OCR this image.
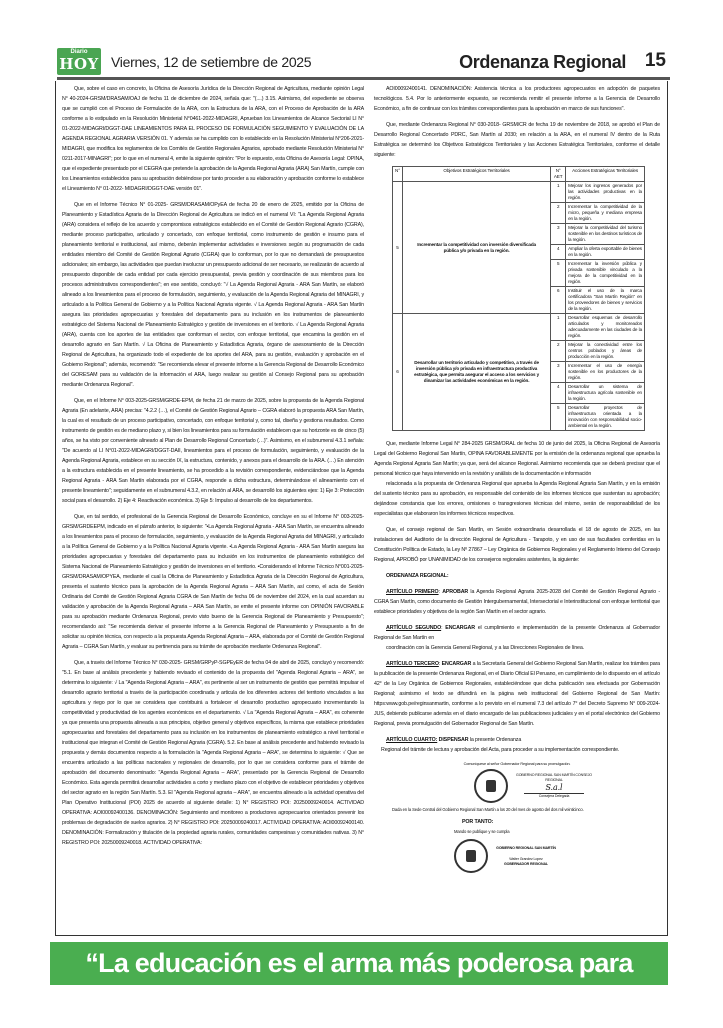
Diario
HOY Viernes, 12 de setiembre de 2025	Ordenanza Regional 15

Que, sobre el caso en concreto, la Oficina de Asesoría Jurídica de la Dirección Regional de Agricultura, mediante opinión Legal N° 40-2024-GRSM/DRASAM/OAJ de fecha 11 de diciembre de 2024, señala que: "(....) 3.15. Asimismo, del expediente se observa que se cumplió con el Proceso de Formulación de la ARA, con la Estructura de la ARA, con el Proceso de Aprobación de la ARA conforme a lo estipulado en la Resolución Ministerial N°0461-2022-MIDAGRI, Aprueban los Lineamientos de Alcance Sectorial LI N° 01-2022-MIDAGRI/DGGT-DAE LINEAMIENTOS PARA EL PROCESO DE FORMULACIÓN SEGUIMIENTO Y EVALUACIÓN DE LA AGENDA REGIONAL AGRARIA VERSIÓN 01. Y además se ha cumplido con lo establecido en la Resolución Ministerial N°206-2021-MIDAGRI, que modifica los reglamentos de los Comités de Gestión Regionales Agrarios, aprobado mediante Resolución Ministerial N° 0211-2017-MINAGRI"; por lo que en el numeral 4, emite la siguiente opinión: "Por lo expuesto, esta Oficina de Asesoría Legal: OPINA, que el expediente presentado por el CEGRA que pretende la aprobación de la Agenda Regional Agraria (ARA) San Martín, cumple con los Lineamientos establecidos para su aprobación debiéndose por tanto proceder a su elaboración y aprobación conforme lo establece el Lineamiento N° 01-2022- MIDAGRI/DGGT-DAE versión 01".

Que en el Informe Técnico N° 01-2025- GRSM/DRASAM/OPyEA de fecha 20 de enero de 2025, emitido por la Oficina de Planeamiento y Estadística Agraria de la Dirección Regional de Agricultura se indicó en el numeral VI: "La Agenda Regional Agraria (ARA) considera el reflejo de los acuerdo y compromisos estratégicos establecido en el Comité de Gestión Regional Agrario (CGRA), mediante proceso participativo, articulado y concertado, con enfoque territorial, como instrumento de gestión e insumo para el planeamiento territorial e institucional, así mismo, deberán implementar actividades e inversiones según su programación de cada entidades miembro del Comité de Gestión Regional Agrario (CGRA) que lo conforman, por lo que no demandará de presupuestos adicionales; sin embargo, las actividades que puedan involucrar un presupuesto adicional de ser necesario, se realizarán de acuerdo al presupuesto disponible de cada entidad por cada ejercicio presupuestal, previa gestión y coordinación de sus miembros para los procesos administrativos correspondientes"; en ese sentido, concluyó: "√ La Agenda Regional Agraria - ARA San Martín, se elaboró alineado a los lineamientos para el proceso de formulación, seguimiento, y evaluación de la Agenda Regional Agraria del MINAGRI, y articulado a la Política General de Gobierno y a la Política Nacional Agraria vigente. √ La Agenda Regional Agraria - ARA San Martín asegura las prioridades agropecuarias y forestales del departamento para su inclusión en los instrumentos de planeamiento estratégico del Sistema Nacional de Planeamiento Estratégico y gestión de inversiones en el territorio. √ La Agenda Regional Agraria (ARA), cuenta con los aportes de las entidades que conforman el sector, con enfoque territorial, que encamina la gestión en el desarrollo agrario en San Martín. √ La Oficina de Planeamiento y Estadística Agraria, órgano de asesoramiento de la Dirección Regional de Agricultura, ha organizado todo el expediente de los aportes del ARA, para su gestión, evaluación y aprobación en el Gobierno Regional"; además, recomendó: "Se recomienda elevar el presente informe a la Gerencia Regional de Desarrollo Económico del GORESAM para su validación de la información el ARA, luego realizar su gestión al Consejo Regional para su aprobación mediante Ordenanza Regional".

Que, en el Informe N° 003-2025-GRSM/GRDE-EPM, de fecha 21 de marzo de 2025, sobre la propuesta de la Agenda Regional Agraria (En adelante, ARA) precisa: "4.2.2 (…), el Comité de Gestión Regional Agrario – CGRA elaboró la propuesta ARA San Martín, la cual es el resultado de un proceso participativo, concertado, con enfoque territorial y, como tal, diseña y gestiona resultados. Como instrumento de gestión es de mediano plazo y, si bien los lineamientos para su formulación establecen que su horizonte es de cinco (5) años, se ha visto por conveniente alinearlo al Plan de Desarrollo Regional Concertado (…)". Asimismo, en el subnumeral 4.3.1 señala: "De acuerdo al LI N°01-2022-MIDAGRI/DGGT-DAII, lineamientos para el proceso de formulación, seguimiento, y evaluación de la Agenda Regional Agraria, establece en su sección IX, la estructura, contenido, y anexos para el desarrollo de la ARA. (…) En atención a la estructura establecida en el presente lineamiento, se ha procedido a la revisión correspondiente, evidenciándose que la Agenda Regional Agraria - ARA San Martín elaborada por el CGRA, responde a dicha estructura, determinándose el alineamiento con el presente lineamiento"; seguidamente en el subnumeral 4.3.2, en relación al ARA, se desarrolló los siguientes ejes: 1) Eje 3: Protección social para el desarrollo. 2) Eje 4: Reactivación económica. 3) Eje 5: Impulso al desarrollo de los departamentos.

Que, en tal sentido, el profesional de la Gerencia Regional de Desarrollo Económico, concluye en su el Informe N° 003-2025-GRSM/GRDEEPM, indicado en el párrafo anterior, lo siguiente: "•La Agenda Regional Agraria - ARA San Martín, se encuentra alineado a los lineamientos para el proceso de formulación, seguimiento, y evaluación de la Agenda Regional Agraria del MINAGRI, y articulado a la Política General de Gobierno y a la Política Nacional Agraria vigente. •La Agenda Regional Agraria - ARA San Martín asegura las prioridades agropecuarias y forestales del departamento para su inclusión en los instrumentos de planeamiento estratégico del Sistema Nacional de Planeamiento Estratégico y gestión de inversiones en el territorio. •Considerando el Informe Técnico N°001-2025-GRSM/DRASAM/OPYEA, mediante el cual la Oficina de Planeamiento y Estadística Agraria de la Dirección Regional de Agricultura, presenta el sustento técnico para la aprobación de la Agenda Regional Agraria – ARA San Martín, así como, el acta de Sesión Ordinaria del Comité de Gestión Regional Agraria CGRA de San Martín de fecha 06 de noviembre del 2024, en la cual acuerdan su validación y aprobación de la Agenda Regional Agraria – ARA San Martín, se emite el presente informe con OPINIÓN FAVORABLE para su aprobación mediante Ordenanza Regional, previo visto bueno de la Gerencia Regional de Planeamiento y Presupuesto"; recomendando así: "Se recomienda derivar el presente informe a la Gerencia Regional de Planeamiento y Presupuesto a fin de solicitar su opinión técnica, con respecto a la propuesta Agenda Regional Agraria – ARA, elaborada por el Comité de Gestión Regional Agraria – CGRA San Martín, y evaluar su pertinencia para su trámite de aprobación mediante Ordenanza Regional".

Que, a través del Informe Técnico N° 030-2025- GRSM/GRPyP-SGPEyER de fecha 04 de abril de 2025, concluyó y recomendó: "5.1. En base al análisis precedente y habiendo revisado el contenido de la propuesta del "Agenda Regional Agraria – ARA", se determina lo siguiente: √ La "Agenda Regional Agraria – ARA", es pertinente al ser un instrumento de gestión que permitirá impulsar el desarrollo agrario territorial a través de la participación coordinada y articula de los diferentes actores del territorio vinculados a las agricultura y riego por lo que se considera que contribuirá a fortalecer el desarrollo productivo agropecuario incrementando la competitividad y productividad de los agentes económicos en el departamento. √ La "Agenda Regional Agraria – ARA", es coherente ya que presenta una propuesta alineada a sus principios, objetivo general y objetivos específicos, la misma que establece prioridades agropecuarias and forestales del departamento para su inclusión en los instrumentos de planeamiento estratégico a nivel territorial e institucional que integran el Comité de Gestión Regional Agraria (CGRA). 5.2. En base al análisis precedente and habiendo revisado la propuesta y demás documentos respecto a la formulación la "Agenda Regional Agraria – ARA", se determina lo siguiente: √ Que se encuentra articulado a las políticas nacionales y regionales de desarrollo, por lo que se considera conforme para el trámite de aprobación del documento denominado: "Agenda Regional Agraria – ARA", presentado por la Gerencia Regional de Desarrollo Económico. Esta agenda permitirá desarrollar actividades a corto y mediano plazo con el objetivo de establecer prioridades y objetivos del sector agrario en la región San Martín. 5.3. El "Agenda Regional agraria – ARA", se encuentra alineado a la actividad operativa del Plan Operativo Institucional (POI) 2025 de acuerdo al siguiente detalle: 1) N° REGISTRO POI: 20250009240014. ACTIVIDAD OPERATIVA: AOI00092400136. DENOMINACIÓN: Seguimiento and monitoreo a productores agropecuarios orientados prevenir los problemas de degradación de suelos agrarios. 2) N° REGISTRO POI: 20250009240017. ACTIVIDAD OPERATIVA: AOI00092400140. DENOMINACIÓN: Formalización y titulación de la propiedad agraria rurales, comunidades campesinas y comunidades nativas. 3) N° REGISTRO POI: 20250009240018. ACTIVIDAD OPERATIVA:

AOI00092400141. DENOMINACIÓN: Asistencia técnica a los productores agropecuarios en adopción de paquetes tecnológicos. 5.4. Por lo anteriormente expuesto, se recomienda remitir el presente informe a la Gerencia de Desarrollo Económico, a fin de continuar con los trámites correspondientes para la aprobación en marco de sus funciones".

Que, mediante Ordenanza Regional N° 030-2018- GRSM/CR de fecha 19 de noviembre de 2018, se aprobó el Plan de Desarrollo Regional Concertado PDRC, San Martín al 2030; en relación a la ARA, en el numeral IV dentro de la Ruta Estratégica se determinó los Objetivos Estratégicos Territoriales y las Acciones Estratégica Territoriales, conforme el detalle siguiente:

N°	Objetivos Estratégicos Territoriales	N° AET	Acciones Estratégicas Territoriales
5	Incrementar la competitividad con inversión diversificada pública y/o privada en la región.	1	Mejorar los ingresos generados por las actividades productivas en la región.
		2	Incrementar la competitividad de la micro, pequeña y mediana empresa en la región.
		3	Mejorar la competitividad del turismo sostenible en los destinos turísticos de la región.
		4	Ampliar la oferta exportable de bienes en la región.
		5	Incrementar la inversión pública y privada sostenible vinculado a la mejora de la competitividad en la región.
		6	Instituir el uso de la marca certificadora "San Martín Región" en los proveedores de bienes y servicios de la región.
6	Desarrollar un territorio articulado y competitivo, a través de inversión pública y/o privada en infraestructura productiva estratégica, que permita asegurar el acceso a los servicios y dinamizar las actividades económicas en la región.	1	Desarrollar esquemas de desarrollo articulados y monitoreados adecuadamente en las ciudades de la región.
		2	Mejorar la conectividad entre los centros poblados y áreas de producción en la región.
		3	Incrementar el uso de energía sostenible en los productores de la región.
		4	Desarrollar un sistema de infraestructura agrícola sostenible en la región.
		5	Desarrollar proyectos de infraestructura orientada a la innovación con responsabilidad socio-ambiental en la región.

Que, mediante Informe Legal N° 284-2025 GRSM/ORAL de fecha 10 de junio del 2025, la Oficina Regional de Asesoría Legal del Gobierno Regional San Martín, OPINA FAVORABLEMENTE por la emisión de la ordenanza regional que aprueba la Agenda Regional Agraria San Martín; ya que, será del alcance Regional. Asimismo recomienda que se deberá precisar que el personal técnico que haya intervenido en la revisión y análisis de la documentación e información

relacionada a la propuesta de Ordenanza Regional que aprueba la Agenda Regional Agraria San Martín, y en la emisión del sustento técnico para su aprobación, es responsable del contenido de los informes técnicos que sustentan su aprobación; dejándose constancia que los errores, omisiones o transgresiones técnicas del mismo, serán de responsabilidad de los especialistas que elaboraron los informes técnicos respectivos.

Que, el consejo regional de San Martín, en Sesión extraordinaria desarrollada el 18 de agosto de 2025, en las instalaciones del Auditorio de la dirección Regional de Agricultura - Tarapoto, y en uso de sus facultades conferidas en la Constitución Política de Estado, la Ley Nº 27867 – Ley Orgánica de Gobiernos Regionales y el Reglamento Interno del Consejo Regional, APROBÓ por UNANIMIDAD de los consejeros regionales asistentes, la siguiente:

ORDENANZA REGIONAL:

ARTÍCULO PRIMERO: APROBAR la Agenda Regional Agraria 2025-2028 del Comité de Gestión Regional Agrario - CGRA San Martín, como documento de Gestión Intergubernamental, Intersectorial e Interinstitucional con enfoque territorial que establece prioridades y objetivos de la región San Martín en el sector agrario.

ARTÍCULO SEGUNDO: ENCARGAR el cumplimiento e implementación de la presente Ordenanza al Gobernador Regional de San Martín en

coordinación con la Gerencia General Regional, y a las Direcciones Regionales de línea.

ARTÍCULO TERCERO: ENCARGAR a la Secretaría General del Gobierno Regional San Martín, realizar los trámites para la publicación de la presente Ordenanza Regional, en el Diario Oficial El Peruano, en cumplimiento de lo dispuesto en el artículo 42° de la Ley Orgánica de Gobiernos Regionales, estableciéndose que dicha publicación sea efectuada por Gobernación Regional; asimismo el texto se difundirá en la página web institucional del Gobierno Regional de San Martín: https:www.gob.pe/reginsanmartin, conforme a lo previsto en el numeral 7.3 del artículo 7° del Decreto Supremo N° 009-2024-JUS, debiendo publicarse además en el diario encargado de las publicaciones judiciales y en el portal electrónico del Gobierno Regional, previa promulgación del Gobernador Regional de San Martín.

ARTÍCULO CUARTO: DISPENSAR la presente Ordenanza

Regional del trámite de lectura y aprobación del Acta, para proceder a su implementación correspondiente.

Comuníquese al señor Gobernador Regional para su promulgación.

GOBIERNO REGIONAL SAN MARTÍN CONSEJO REGIONAL
S.a.l
Consejera Delegada

Dada en la Sede Central del Gobierno Regional San Martín a los 20 del mes de agosto del dos mil veinticinco.

POR TANTO:

Mando se publique y se cumpla

GOBIERNO REGIONAL SAN MARTÍN
Walter Grandez Lopez
GOBERNADOR REGIONAL
“La educación es el arma más poderosa para cambiar el mundo”
